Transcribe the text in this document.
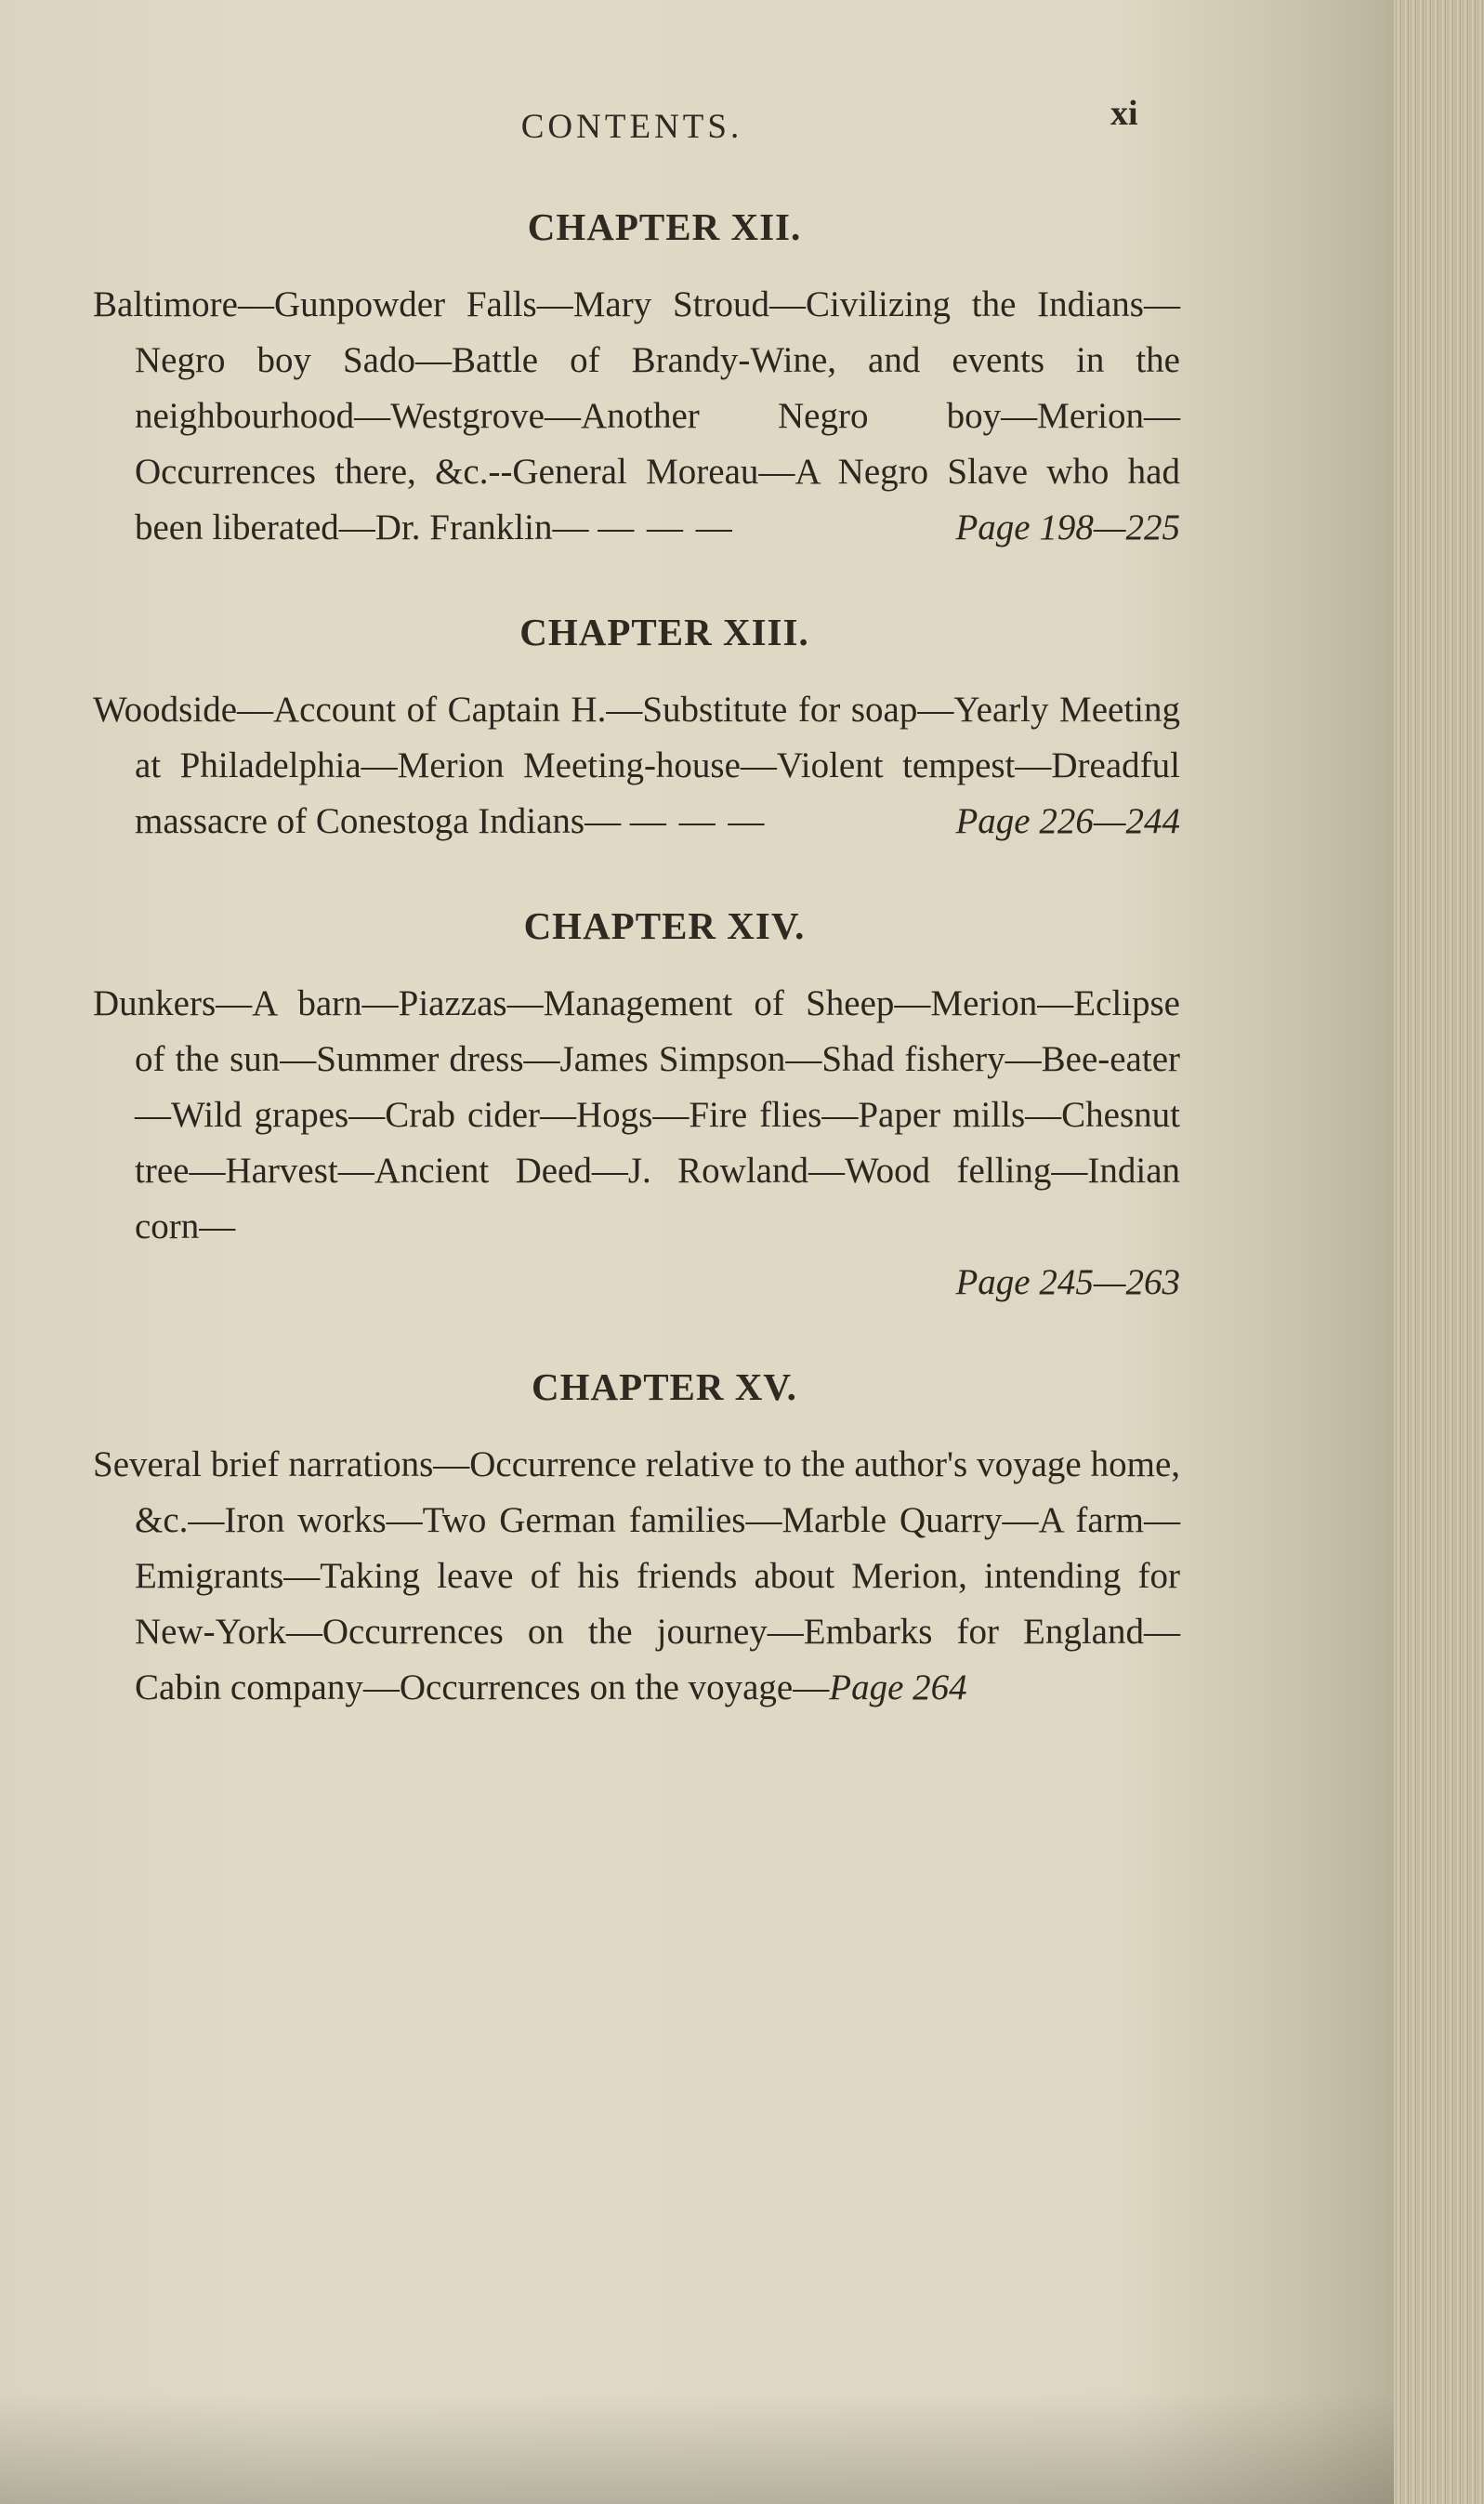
CONTENTS.	xi
CHAPTER XII.
Baltimore—Gunpowder Falls—Mary Stroud—Civilizing the Indians—Negro boy Sado—Battle of Brandy-Wine, and events in the neighbourhood—Westgrove—Another Negro boy—Merion—Occurrences there, &c.--General Moreau—A Negro Slave who had been liberated—Dr. Franklin— — — —	Page 198—225
CHAPTER XIII.
Woodside—Account of Captain H.—Substitute for soap—Yearly Meeting at Philadelphia—Merion Meeting-house—Violent tempest—Dreadful massacre of Conestoga Indians— — — —	Page 226—244
CHAPTER XIV.
Dunkers—A barn—Piazzas—Management of Sheep—Merion—Eclipse of the sun—Summer dress—James Simpson—Shad fishery—Bee-eater—Wild grapes—Crab cider—Hogs—Fire flies—Paper mills—Chesnut tree—Harvest—Ancient Deed—J. Rowland—Wood felling—Indian corn—
Page 245—263
CHAPTER XV.
Several brief narrations—Occurrence relative to the author's voyage home, &c.—Iron works—Two German families—Marble Quarry—A farm—Emigrants—Taking leave of his friends about Merion, intending for New-York—Occurrences on the journey—Embarks for England—Cabin company—Occurrences on the voyage—Page 264
